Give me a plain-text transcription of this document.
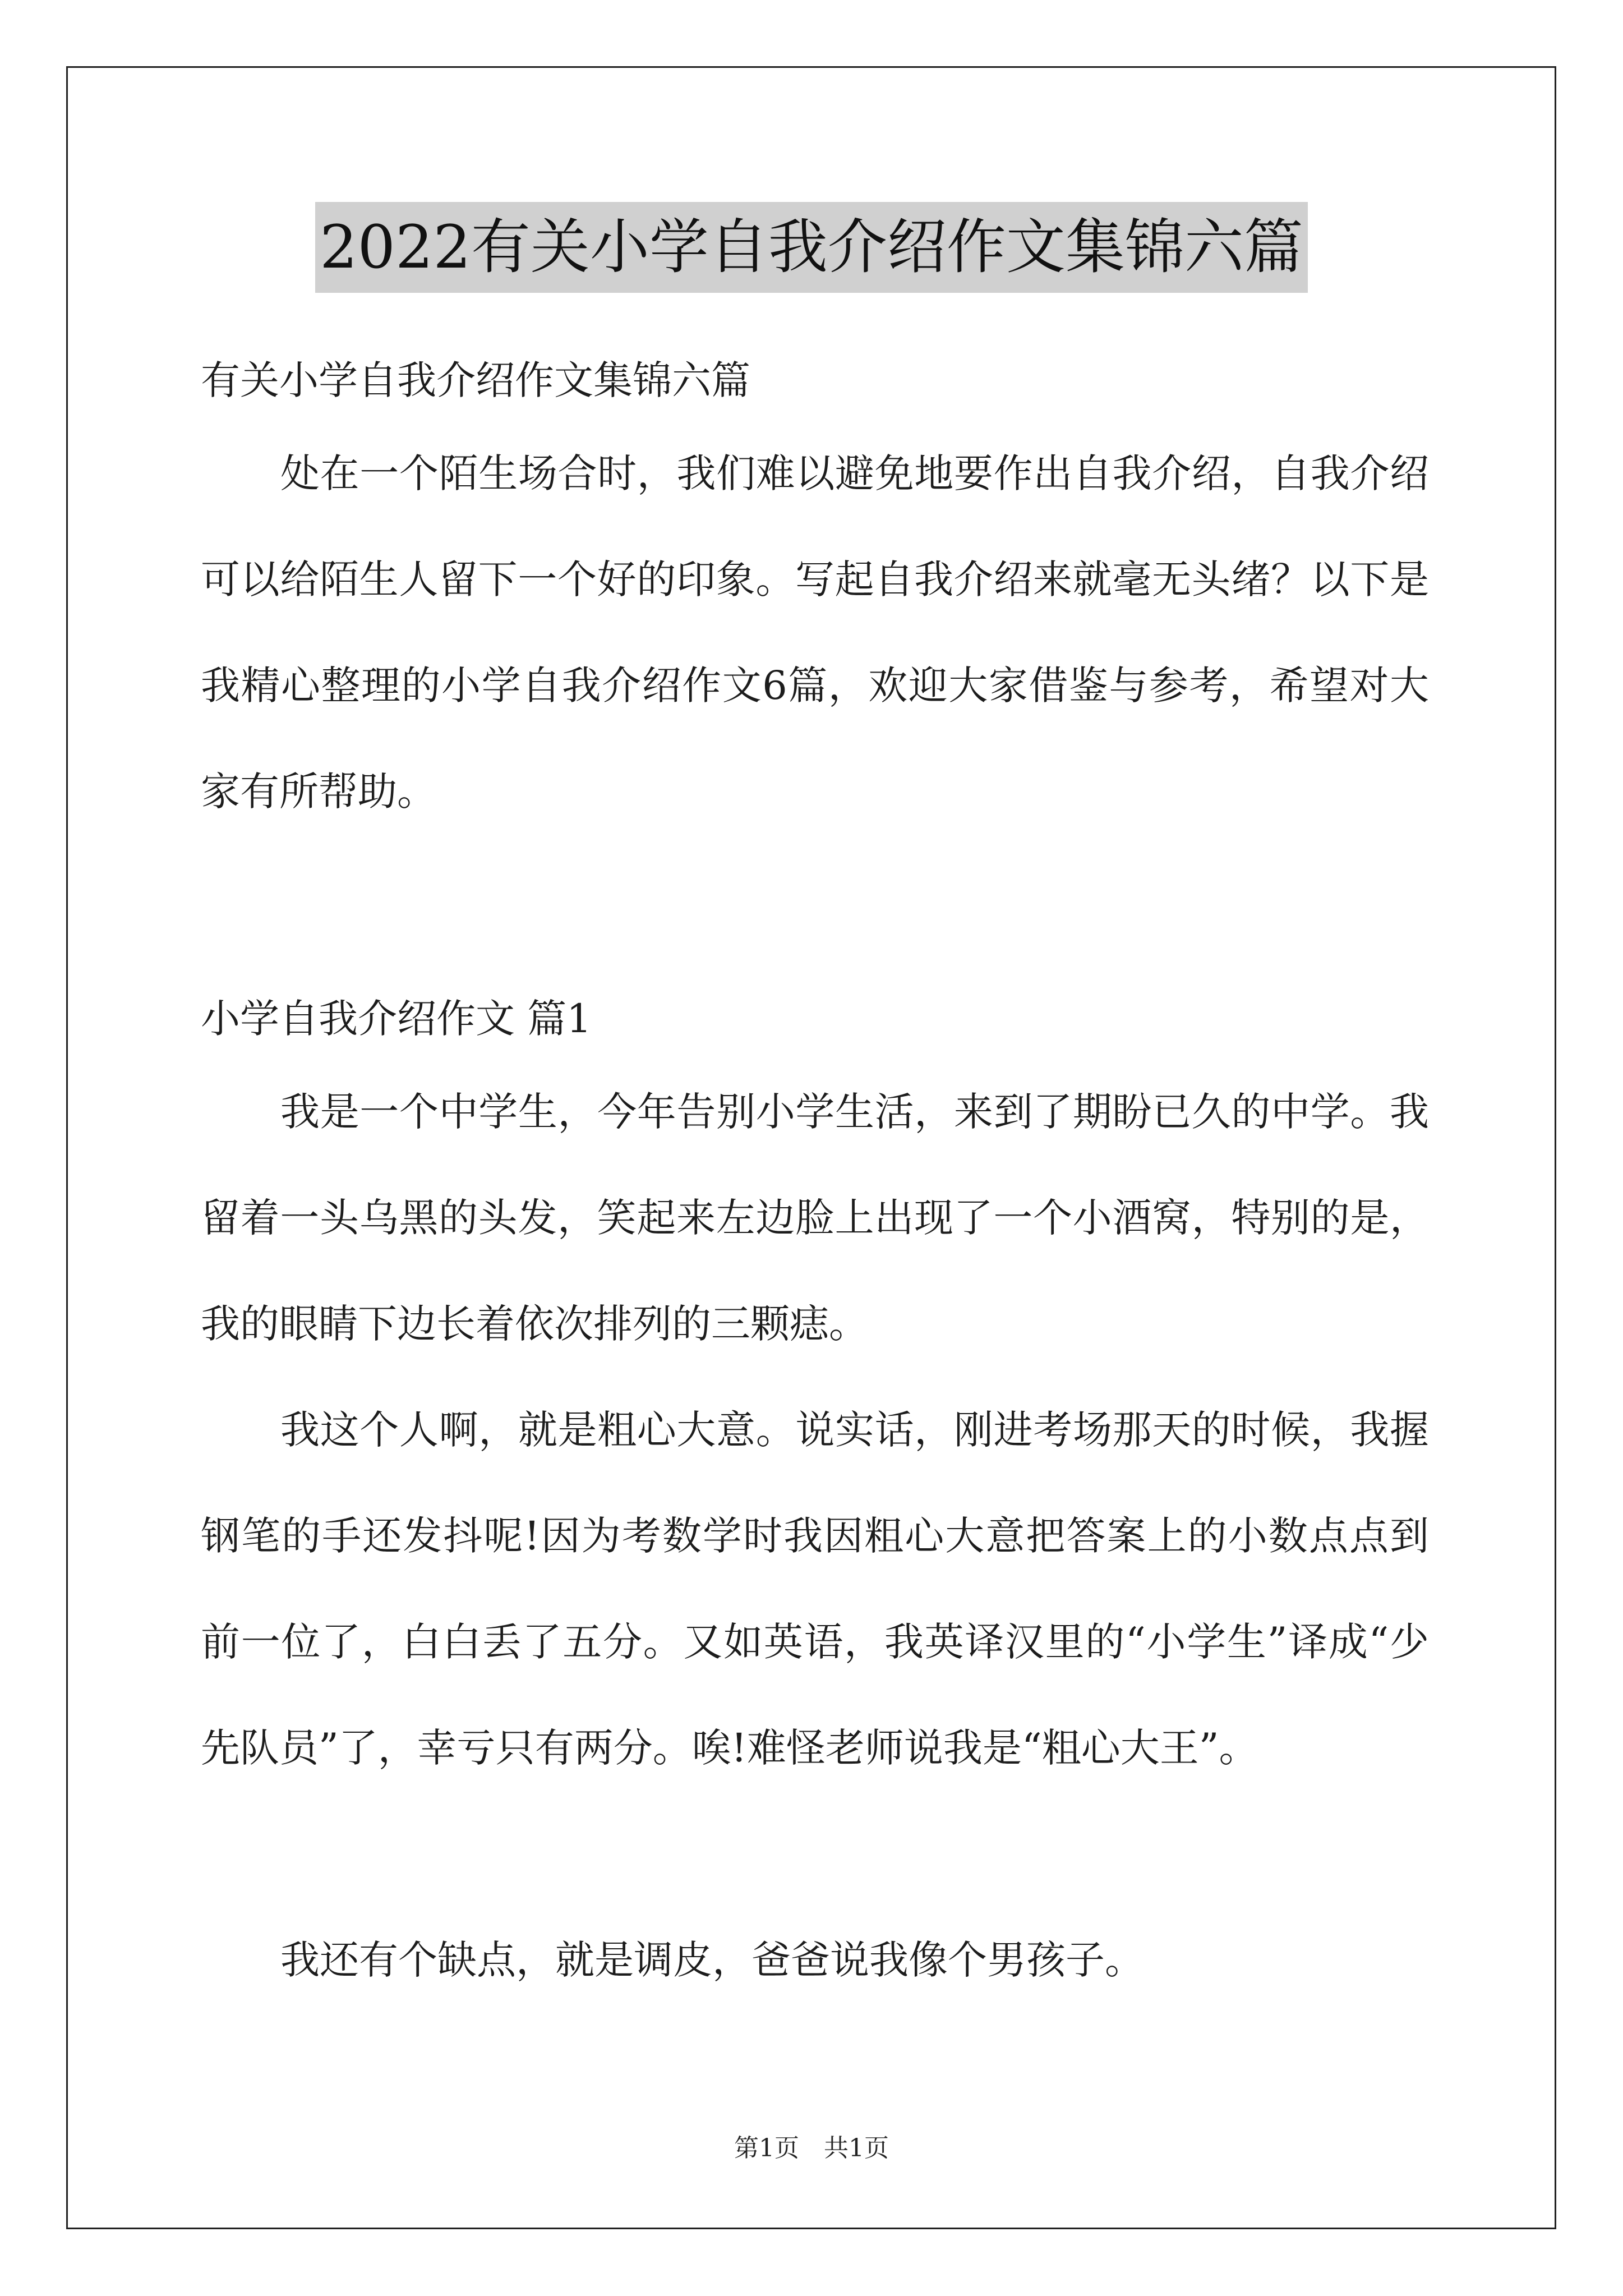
2022有关小学自我介绍作文集锦六篇
有关小学自我介绍作文集锦六篇

处在一个陌生场合时，我们难以避免地要作出自我介绍，自我介绍可以给陌生人留下一个好的印象。写起自我介绍来就毫无头绪？以下是我精心整理的小学自我介绍作文6篇，欢迎大家借鉴与参考，希望对大家有所帮助。

小学自我介绍作文 篇1

我是一个中学生，今年告别小学生活，来到了期盼已久的中学。我留着一头乌黑的头发，笑起来左边脸上出现了一个小酒窝，特别的是，我的眼睛下边长着依次排列的三颗痣。

我这个人啊，就是粗心大意。说实话，刚进考场那天的时候，我握钢笔的手还发抖呢!因为考数学时我因粗心大意把答案上的小数点点到前一位了，白白丢了五分。又如英语，我英译汉里的“小学生”译成“少先队员”了，幸亏只有两分。唉!难怪老师说我是“粗心大王”。

我还有个缺点，就是调皮，爸爸说我像个男孩子。

第1页　共1页
